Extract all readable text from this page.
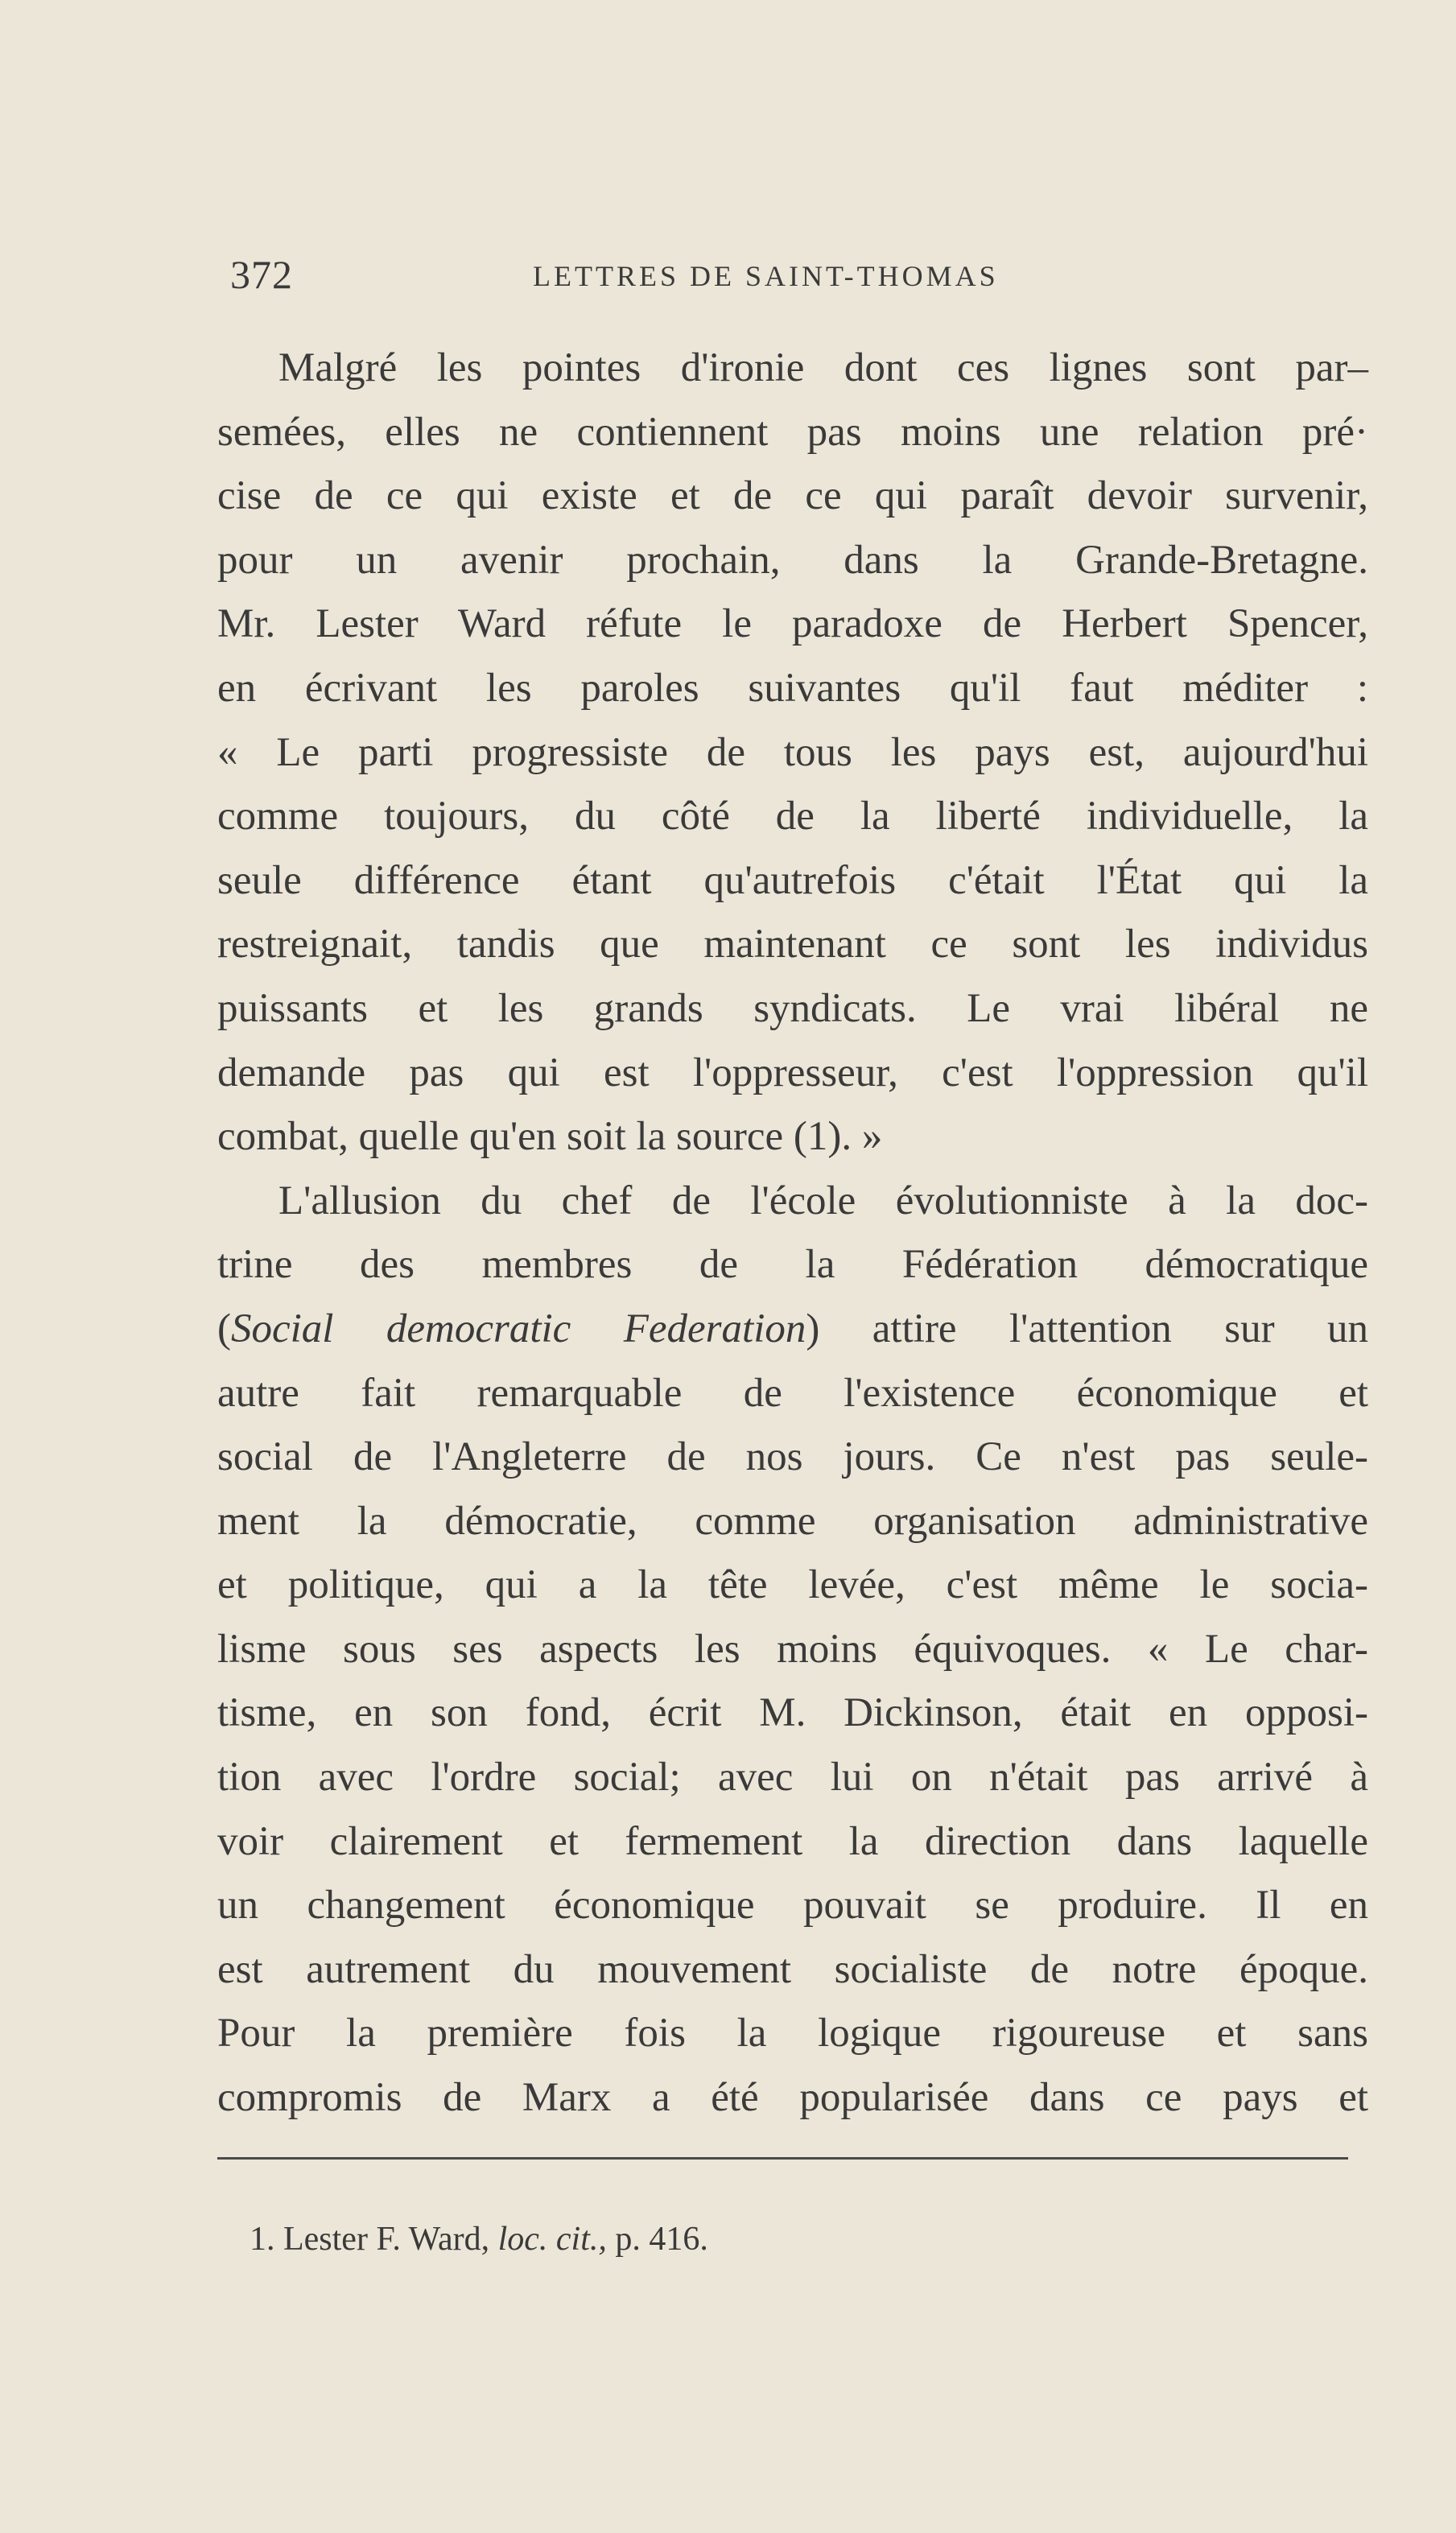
372	LETTRES DE SAINT-THOMAS
Malgré les pointes d'ironie dont ces lignes sont par–
semées, elles ne contiennent pas moins une relation pré·
cise de ce qui existe et de ce qui paraît devoir survenir,
pour un avenir prochain, dans la Grande-Bretagne.
Mr. Lester Ward réfute le paradoxe de Herbert Spencer,
en écrivant les paroles suivantes qu'il faut méditer :
« Le parti progressiste de tous les pays est, aujourd'hui
comme toujours, du côté de la liberté individuelle, la
seule différence étant qu'autrefois c'était l'État qui la
restreignait, tandis que maintenant ce sont les individus
puissants et les grands syndicats. Le vrai libéral ne
demande pas qui est l'oppresseur, c'est l'oppression qu'il
combat, quelle qu'en soit la source (1). »
L'allusion du chef de l'école évolutionniste à la doc-
trine des membres de la Fédération démocratique
(Social democratic Federation) attire l'attention sur un
autre fait remarquable de l'existence économique et
social de l'Angleterre de nos jours. Ce n'est pas seule-
ment la démocratie, comme organisation administrative
et politique, qui a la tête levée, c'est même le socia-
lisme sous ses aspects les moins équivoques. « Le char-
tisme, en son fond, écrit M. Dickinson, était en opposi-
tion avec l'ordre social; avec lui on n'était pas arrivé à
voir clairement et fermement la direction dans laquelle
un changement économique pouvait se produire. Il en
est autrement du mouvement socialiste de notre époque.
Pour la première fois la logique rigoureuse et sans
compromis de Marx a été popularisée dans ce pays et
1. Lester F. Ward, loc. cit., p. 416.
